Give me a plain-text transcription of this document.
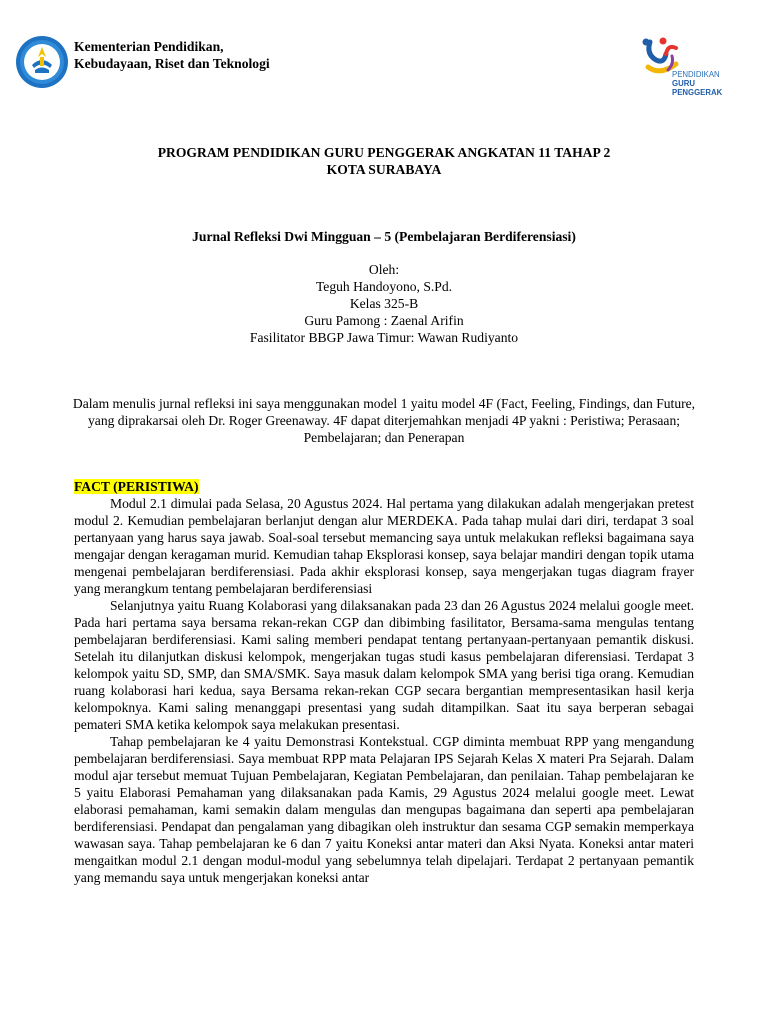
Kementerian Pendidikan, Kebudayaan, Riset dan Teknologi
PENDIDIKAN
GURU
PENGGERAK
PROGRAM PENDIDIKAN GURU PENGGERAK ANGKATAN 11 TAHAP 2
KOTA SURABAYA
Jurnal Refleksi Dwi Mingguan – 5 (Pembelajaran Berdiferensiasi)
Oleh:
Teguh Handoyono, S.Pd.
Kelas 325-B
Guru Pamong : Zaenal Arifin
Fasilitator BBGP Jawa Timur: Wawan Rudiyanto
Dalam menulis jurnal refleksi ini saya menggunakan model 1 yaitu model 4F (Fact, Feeling, Findings, dan Future, yang diprakarsai oleh Dr. Roger Greenaway. 4F dapat diterjemahkan menjadi 4P yakni : Peristiwa; Perasaan; Pembelajaran; dan Penerapan
FACT (PERISTIWA)

Modul 2.1 dimulai pada Selasa, 20 Agustus 2024. Hal pertama yang dilakukan adalah mengerjakan pretest modul 2. Kemudian pembelajaran berlanjut dengan alur MERDEKA. Pada tahap mulai dari diri, terdapat 3 soal pertanyaan yang harus saya jawab. Soal-soal tersebut memancing saya untuk melakukan refleksi bagaimana saya mengajar dengan keragaman murid. Kemudian tahap Eksplorasi konsep, saya belajar mandiri dengan topik utama mengenai pembelajaran berdiferensiasi. Pada akhir eksplorasi konsep, saya mengerjakan tugas diagram frayer yang merangkum tentang pembelajaran berdiferensiasi

Selanjutnya yaitu Ruang Kolaborasi yang dilaksanakan pada 23 dan 26 Agustus 2024 melalui google meet. Pada hari pertama saya bersama rekan-rekan CGP dan dibimbing fasilitator, Bersama-sama mengulas tentang pembelajaran berdiferensiasi. Kami saling memberi pendapat tentang pertanyaan-pertanyaan pemantik diskusi. Setelah itu dilanjutkan diskusi kelompok, mengerjakan tugas studi kasus pembelajaran diferensiasi. Terdapat 3 kelompok yaitu SD, SMP, dan SMA/SMK. Saya masuk dalam kelompok SMA yang berisi tiga orang. Kemudian ruang kolaborasi hari kedua, saya Bersama rekan-rekan CGP secara bergantian mempresentasikan hasil kerja kelompoknya. Kami saling menanggapi presentasi yang sudah ditampilkan. Saat itu saya berperan sebagai pemateri SMA ketika kelompok saya melakukan presentasi.

Tahap pembelajaran ke 4 yaitu Demonstrasi Kontekstual. CGP diminta membuat RPP yang mengandung pembelajaran berdiferensiasi. Saya membuat RPP mata Pelajaran IPS Sejarah Kelas X materi Pra Sejarah. Dalam modul ajar tersebut memuat Tujuan Pembelajaran, Kegiatan Pembelajaran, dan penilaian. Tahap pembelajaran ke 5 yaitu Elaborasi Pemahaman yang dilaksanakan pada Kamis, 29 Agustus 2024 melalui google meet. Lewat elaborasi pemahaman, kami semakin dalam mengulas dan mengupas bagaimana dan seperti apa pembelajaran berdiferensiasi. Pendapat dan pengalaman yang dibagikan oleh instruktur dan sesama CGP semakin memperkaya wawasan saya. Tahap pembelajaran ke 6 dan 7 yaitu Koneksi antar materi dan Aksi Nyata. Koneksi antar materi mengaitkan modul 2.1 dengan modul-modul yang sebelumnya telah dipelajari. Terdapat 2 pertanyaan pemantik yang memandu saya untuk mengerjakan koneksi antar
